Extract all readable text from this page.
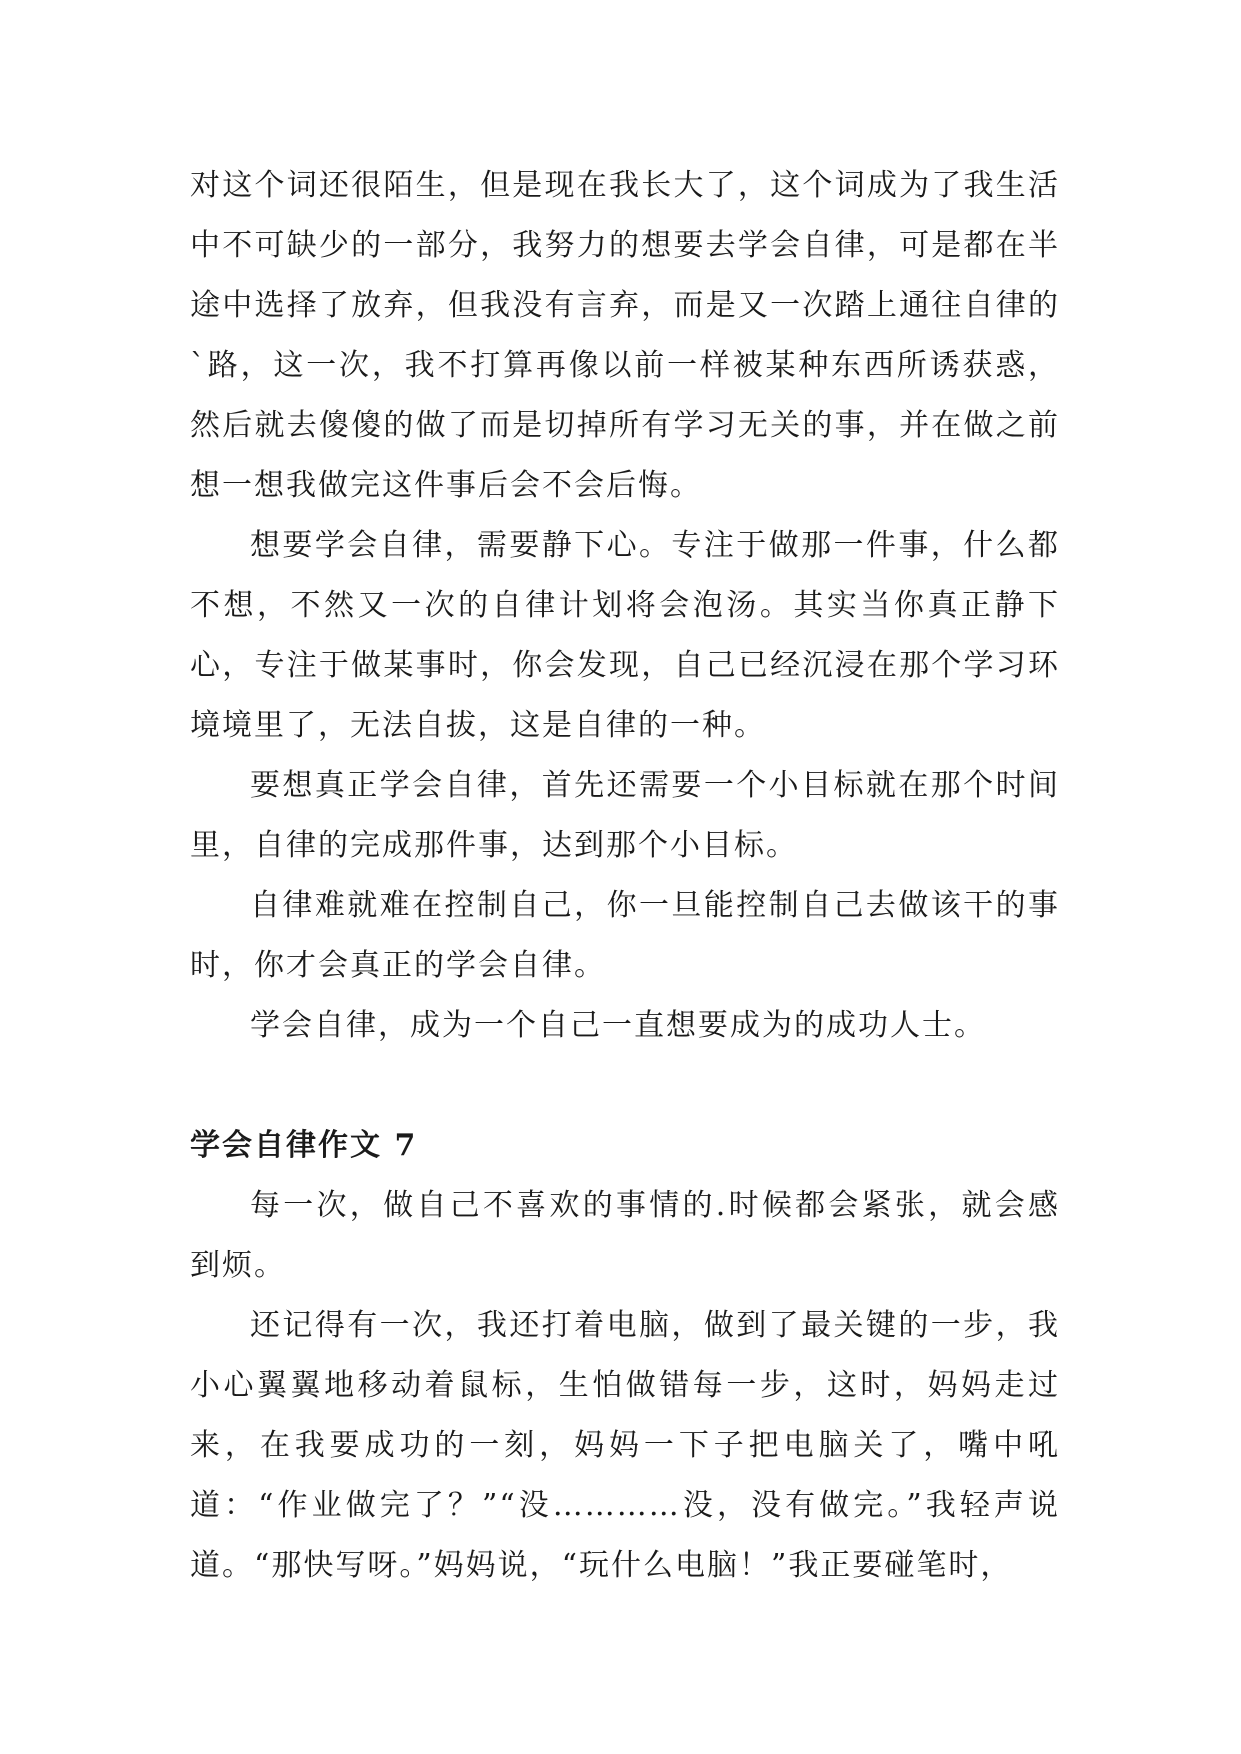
对这个词还很陌生，但是现在我长大了，这个词成为了我生活中不可缺少的一部分，我努力的想要去学会自律，可是都在半途中选择了放弃，但我没有言弃，而是又一次踏上通往自律的`路，这一次，我不打算再像以前一样被某种东西所诱获惑，然后就去傻傻的做了而是切掉所有学习无关的事，并在做之前想一想我做完这件事后会不会后悔。

想要学会自律，需要静下心。专注于做那一件事，什么都不想，不然又一次的自律计划将会泡汤。其实当你真正静下心，专注于做某事时，你会发现，自己已经沉浸在那个学习环境境里了，无法自拔，这是自律的一种。

要想真正学会自律，首先还需要一个小目标就在那个时间里，自律的完成那件事，达到那个小目标。

自律难就难在控制自己，你一旦能控制自己去做该干的事时，你才会真正的学会自律。

学会自律，成为一个自己一直想要成为的成功人士。

学会自律作文 7

每一次，做自己不喜欢的事情的.时候都会紧张，就会感到烦。

还记得有一次，我还打着电脑，做到了最关键的一步，我小心翼翼地移动着鼠标，生怕做错每一步，这时，妈妈走过来，在我要成功的一刻，妈妈一下子把电脑关了，嘴中吼道：“作业做完了？”“没…………没，没有做完。”我轻声说道。“那快写呀。”妈妈说，“玩什么电脑！”我正要碰笔时，
